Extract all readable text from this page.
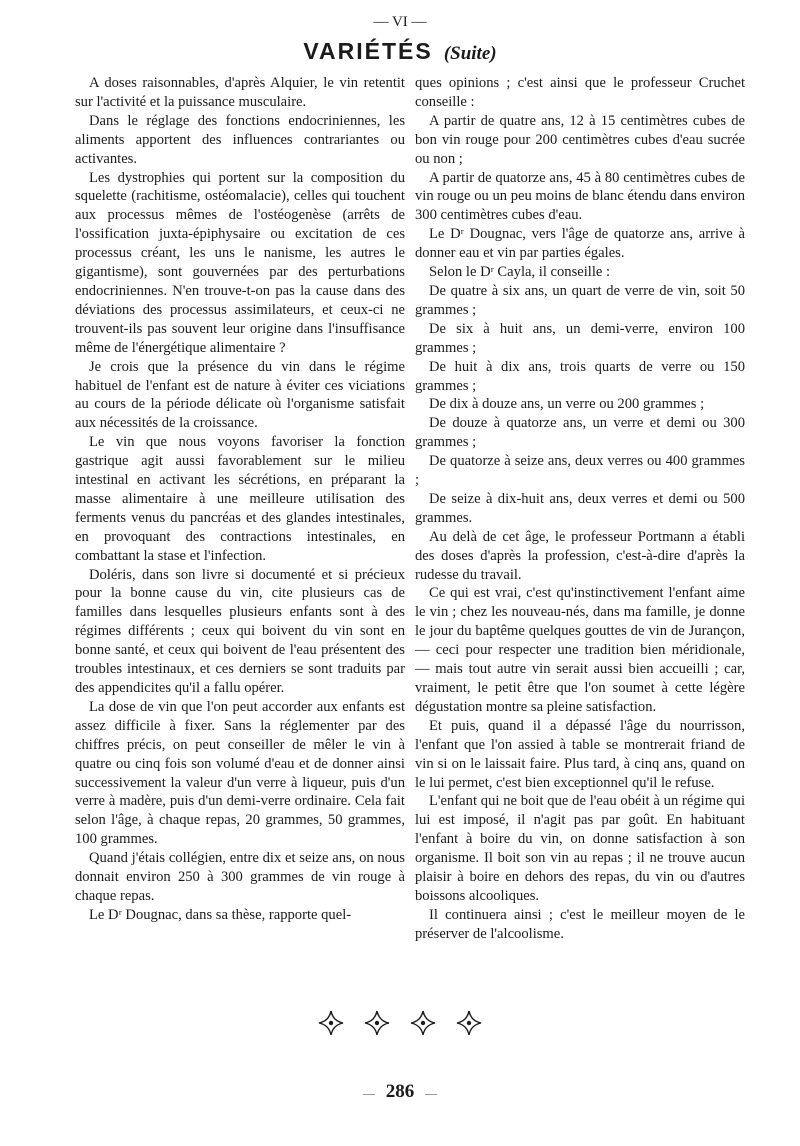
— VI —
VARIÉTÉS (Suite)

A doses raisonnables, d'après Alquier, le vin retentit sur l'activité et la puissance musculaire.

Dans le réglage des fonctions endocriniennes, les aliments apportent des influences contrariantes ou activantes.

Les dystrophies qui portent sur la composition du squelette (rachitisme, ostéomalacie), celles qui touchent aux processus mêmes de l'ostéogenèse (arrêts de l'ossification juxta-épiphysaire ou excitation de ces processus créant, les uns le nanisme, les autres le gigantisme), sont gouvernées par des perturbations endocriniennes. N'en trouve-t-on pas la cause dans des déviations des processus assimilateurs, et ceux-ci ne trouvent-ils pas souvent leur origine dans l'insuffisance même de l'énergétique alimentaire ?

Je crois que la présence du vin dans le régime habituel de l'enfant est de nature à éviter ces viciations au cours de la période délicate où l'organisme satisfait aux nécessités de la croissance.

Le vin que nous voyons favoriser la fonction gastrique agit aussi favorablement sur le milieu intestinal en activant les sécrétions, en préparant la masse alimentaire à une meilleure utilisation des ferments venus du pancréas et des glandes intestinales, en provoquant des contractions intestinales, en combattant la stase et l'infection.

Doléris, dans son livre si documenté et si précieux pour la bonne cause du vin, cite plusieurs cas de familles dans lesquelles plusieurs enfants sont à des régimes différents ; ceux qui boivent du vin sont en bonne santé, et ceux qui boivent de l'eau présentent des troubles intestinaux, et ces derniers se sont traduits par des appendicites qu'il a fallu opérer.

La dose de vin que l'on peut accorder aux enfants est assez difficile à fixer. Sans la réglementer par des chiffres précis, on peut conseiller de mêler le vin à quatre ou cinq fois son volumé d'eau et de donner ainsi successivement la valeur d'un verre à liqueur, puis d'un verre à madère, puis d'un demi-verre ordinaire. Cela fait selon l'âge, à chaque repas, 20 grammes, 50 grammes, 100 grammes.

Quand j'étais collégien, entre dix et seize ans, on nous donnait environ 250 à 300 grammes de vin rouge à chaque repas.

Le Dʳ Dougnac, dans sa thèse, rapporte quel-

ques opinions ; c'est ainsi que le professeur Cruchet conseille :

A partir de quatre ans, 12 à 15 centimètres cubes de bon vin rouge pour 200 centimètres cubes d'eau sucrée ou non ;

A partir de quatorze ans, 45 à 80 centimètres cubes de vin rouge ou un peu moins de blanc étendu dans environ 300 centimètres cubes d'eau.

Le Dʳ Dougnac, vers l'âge de quatorze ans, arrive à donner eau et vin par parties égales.

Selon le Dʳ Cayla, il conseille :

De quatre à six ans, un quart de verre de vin, soit 50 grammes ;

De six à huit ans, un demi-verre, environ 100 grammes ;

De huit à dix ans, trois quarts de verre ou 150 grammes ;

De dix à douze ans, un verre ou 200 grammes ;

De douze à quatorze ans, un verre et demi ou 300 grammes ;

De quatorze à seize ans, deux verres ou 400 grammes ;

De seize à dix-huit ans, deux verres et demi ou 500 grammes.

Au delà de cet âge, le professeur Portmann a établi des doses d'après la profession, c'est-à-dire d'après la rudesse du travail.

Ce qui est vrai, c'est qu'instinctivement l'enfant aime le vin ; chez les nouveau-nés, dans ma famille, je donne le jour du baptême quelques gouttes de vin de Jurançon, — ceci pour respecter une tradition bien méridionale, — mais tout autre vin serait aussi bien accueilli ; car, vraiment, le petit être que l'on soumet à cette légère dégustation montre sa pleine satisfaction.

Et puis, quand il a dépassé l'âge du nourrisson, l'enfant que l'on assied à table se montrerait friand de vin si on le laissait faire. Plus tard, à cinq ans, quand on le lui permet, c'est bien exceptionnel qu'il le refuse.

L'enfant qui ne boit que de l'eau obéit à un régime qui lui est imposé, il n'agit pas par goût. En habituant l'enfant à boire du vin, on donne satisfaction à son organisme. Il boit son vin au repas ; il ne trouve aucun plaisir à boire en dehors des repas, du vin ou d'autres boissons alcooliques.

Il continuera ainsi ; c'est le meilleur moyen de le préserver de l'alcoolisme.

— 286 —
